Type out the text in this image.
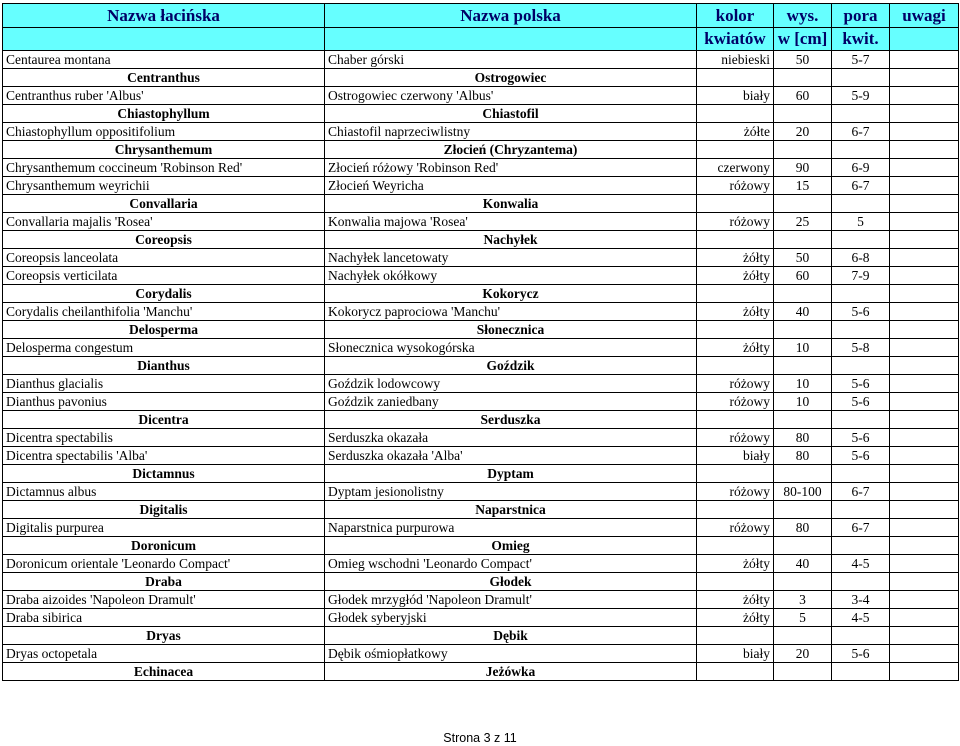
Nazwa łacińska	Nazwa polska	kolor	wys.	pora	uwagi
		kwiatów	w [cm]	kwit.	
Centaurea montana	Chaber górski	niebieski	50	5-7	
Centranthus	Ostrogowiec				
Centranthus ruber 'Albus'	Ostrogowiec czerwony 'Albus'	biały	60	5-9	
Chiastophyllum	Chiastofil				
Chiastophyllum oppositifolium	Chiastofil naprzeciwlistny	żółte	20	6-7	
Chrysanthemum	Złocień (Chryzantema)				
Chrysanthemum coccineum 'Robinson Red'	Złocień różowy 'Robinson Red'	czerwony	90	6-9	
Chrysanthemum weyrichii	Złocień Weyricha	różowy	15	6-7	
Convallaria	Konwalia				
Convallaria majalis 'Rosea'	Konwalia majowa 'Rosea'	różowy	25	5	
Coreopsis	Nachyłek				
Coreopsis lanceolata	Nachyłek lancetowaty	żółty	50	6-8	
Coreopsis verticilata	Nachyłek okółkowy	żółty	60	7-9	
Corydalis	Kokorycz				
Corydalis cheilanthifolia 'Manchu'	Kokorycz paprociowa 'Manchu'	żółty	40	5-6	
Delosperma	Słonecznica				
Delosperma congestum	Słonecznica wysokogórska	żółty	10	5-8	
Dianthus	Goździk				
Dianthus glacialis	Goździk lodowcowy	różowy	10	5-6	
Dianthus pavonius	Goździk zaniedbany	różowy	10	5-6	
Dicentra	Serduszka				
Dicentra spectabilis	Serduszka okazała	różowy	80	5-6	
Dicentra spectabilis 'Alba'	Serduszka okazała 'Alba'	biały	80	5-6	
Dictamnus	Dyptam				
Dictamnus albus	Dyptam jesionolistny	różowy	80-100	6-7	
Digitalis	Naparstnica				
Digitalis purpurea	Naparstnica purpurowa	różowy	80	6-7	
Doronicum	Omieg				
Doronicum orientale 'Leonardo Compact'	Omieg wschodni 'Leonardo Compact'	żółty	40	4-5	
Draba	Głodek				
Draba aizoides 'Napoleon Dramult'	Głodek mrzygłód 'Napoleon Dramult'	żółty	3	3-4	
Draba sibirica	Głodek syberyjski	żółty	5	4-5	
Dryas	Dębik				
Dryas octopetala	Dębik ośmiopłatkowy	biały	20	5-6	
Echinacea	Jeżówka				
Strona 3 z 11
